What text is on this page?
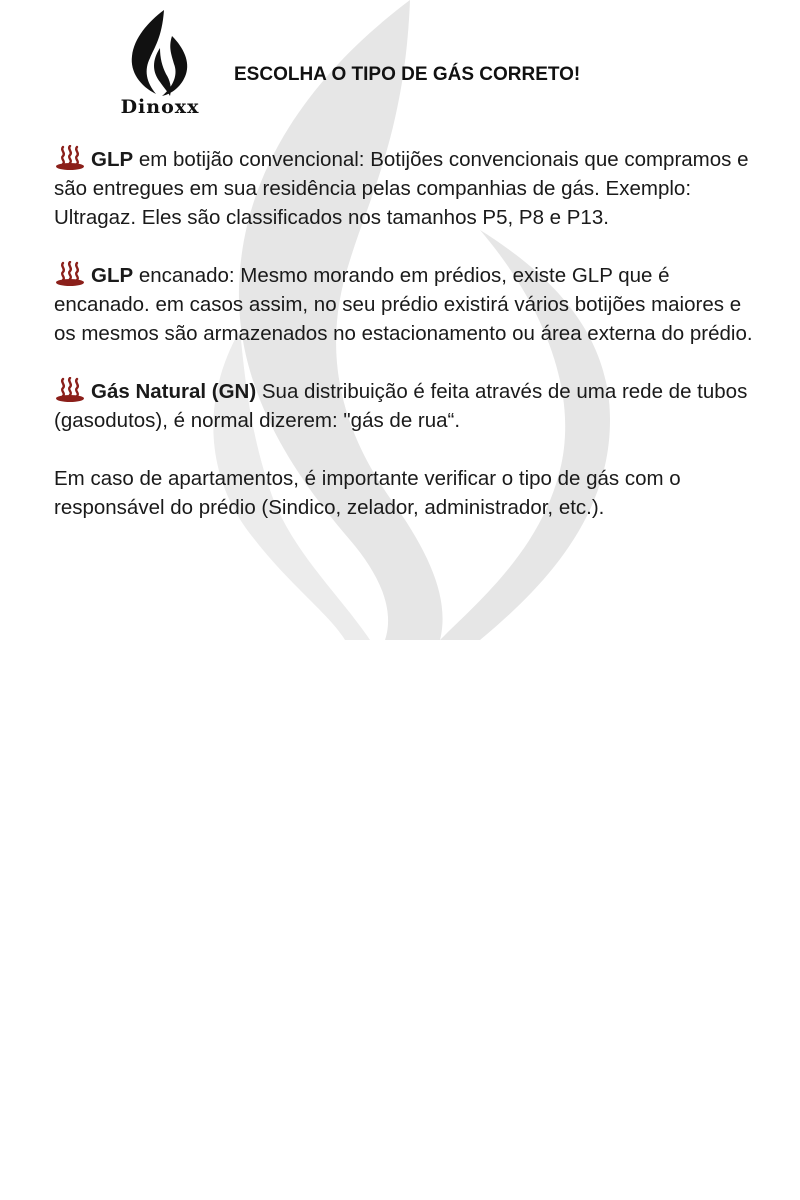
Dinoxx
ESCOLHA O TIPO DE GÁS CORRETO!

GLP em botijão convencional: Botijões convencionais que compramos e são entregues em sua residência pelas companhias de gás. Exemplo: Ultragaz. Eles são classificados nos tamanhos P5, P8 e P13.

GLP encanado: Mesmo morando em prédios, existe GLP que é encanado. em casos assim, no seu prédio existirá vários botijões maiores e os mesmos são armazenados no estacionamento ou área externa do prédio.

Gás Natural (GN) Sua distribuição é feita através de uma rede de tubos (gasodutos), é normal dizerem: "gás de rua“.

Em caso de apartamentos, é importante verificar o tipo de gás com o responsável do prédio (Sindico, zelador, administrador, etc.).
